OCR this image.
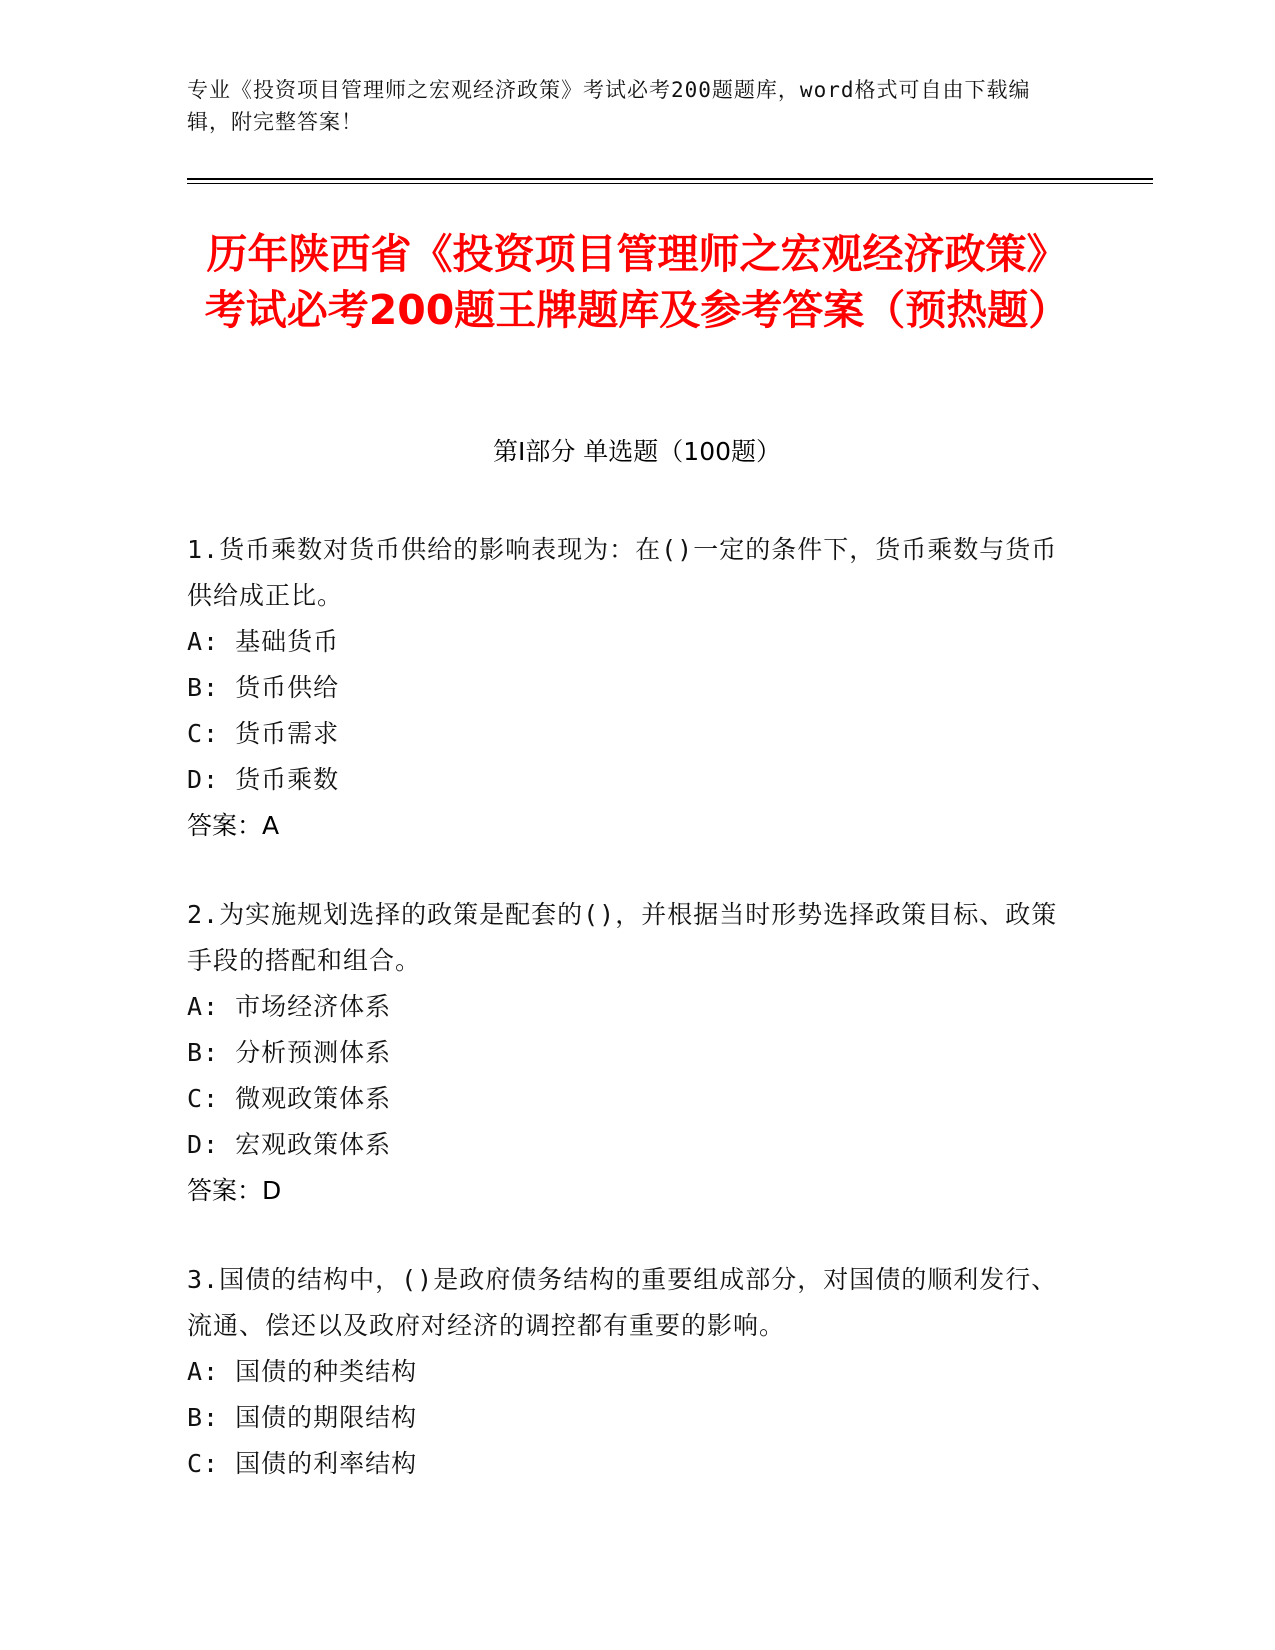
专业《投资项目管理师之宏观经济政策》考试必考200题题库，word格式可自由下载编辑，附完整答案！
历年陕西省《投资项目管理师之宏观经济政策》考试必考200题王牌题库及参考答案（预热题）
第I部分 单选题（100题）

1.货币乘数对货币供给的影响表现为：在()一定的条件下，货币乘数与货币供给成正比。

A: 基础货币

B: 货币供给

C: 货币需求

D: 货币乘数

答案：A

2.为实施规划选择的政策是配套的()，并根据当时形势选择政策目标、政策手段的搭配和组合。

A: 市场经济体系

B: 分析预测体系

C: 微观政策体系

D: 宏观政策体系

答案：D

3.国债的结构中，()是政府债务结构的重要组成部分，对国债的顺利发行、流通、偿还以及政府对经济的调控都有重要的影响。

A: 国债的种类结构

B: 国债的期限结构

C: 国债的利率结构
